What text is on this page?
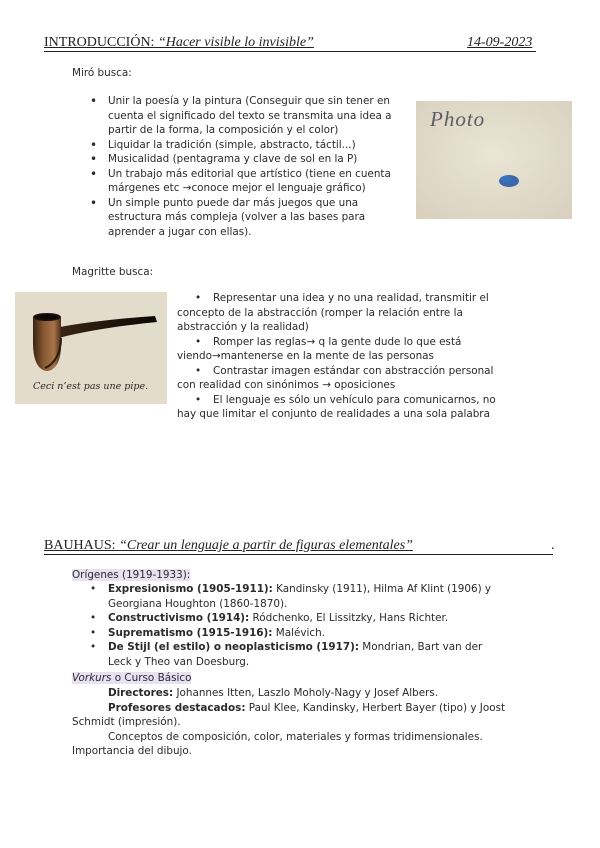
INTRODUCCIÓN: “Hacer visible lo invisible”	14-09-2023
Miró busca:
• Unir la poesía y la pintura (Conseguir que sin tener en cuenta el significado del texto se transmita una idea a partir de la forma, la composición y el color)
• Liquidar la tradición (simple, abstracto, táctil...)
• Musicalidad (pentagrama y clave de sol en la P)
• Un trabajo más editorial que artístico (tiene en cuenta márgenes etc →conoce mejor el lenguaje gráfico)
• Un simple punto puede dar más juegos que una estructura más compleja (volver a las bases para aprender a jugar con ellas).
Photo
Magritte busca:
Ceci n’est pas une pipe.
• Representar una idea y no una realidad, transmitir el concepto de la abstracción (romper la relación entre la abstracción y la realidad)
• Romper las reglas→ q la gente dude lo que está viendo→mantenerse en la mente de las personas
• Contrastar imagen estándar con abstracción personal con realidad con sinónimos → oposiciones
• El lenguaje es sólo un vehículo para comunicarnos, no hay que limitar el conjunto de realidades a una sola palabra
BAUHAUS: “Crear un lenguaje a partir de figuras elementales”	.
Orígenes (1919-1933):
• Expresionismo (1905-1911): Kandinsky (1911), Hilma Af Klint (1906) y Georgiana Houghton (1860-1870).
• Constructivismo (1914): Ródchenko, El Lissitzky, Hans Richter.
• Suprematismo (1915-1916): Malévich.
• De Stijl (el estilo) o neoplasticismo (1917): Mondrian, Bart van der Leck y Theo van Doesburg.
Vorkurs o Curso Básico
Directores: Johannes Itten, Laszlo Moholy-Nagy y Josef Albers.
Profesores destacados: Paul Klee, Kandinsky, Herbert Bayer (tipo) y Joost Schmidt (impresión).
Conceptos de composición, color, materiales y formas tridimensionales. Importancia del dibujo.
